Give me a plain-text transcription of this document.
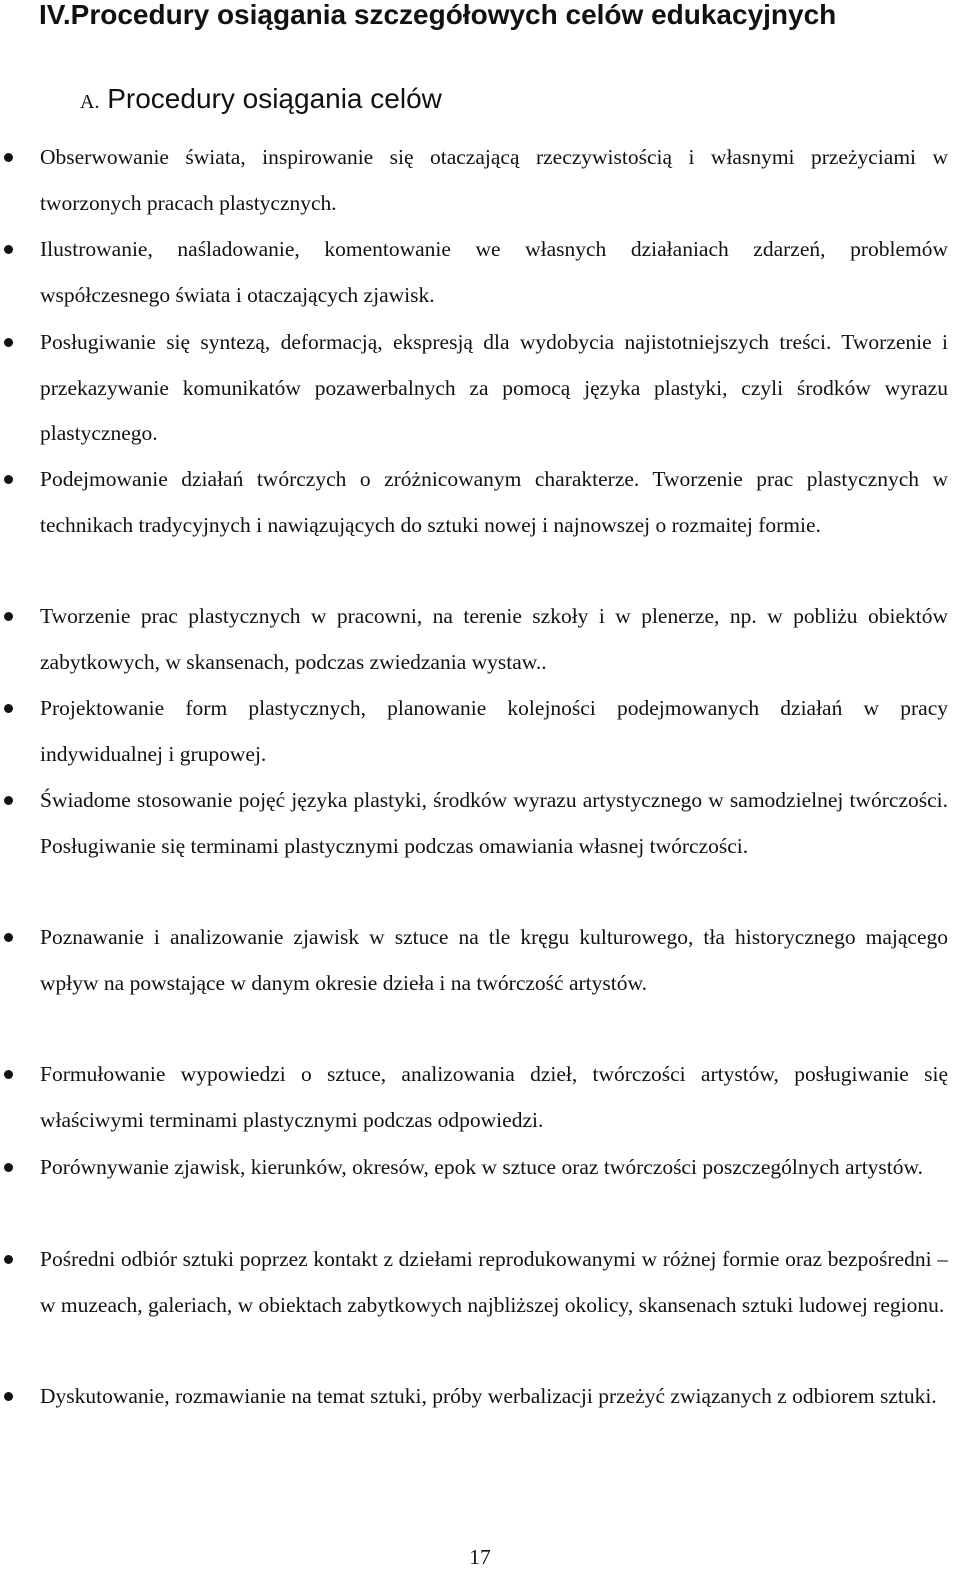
IV.Procedury osiągania szczegółowych celów edukacyjnych
A. Procedury osiągania celów
Obserwowanie świata, inspirowanie się otaczającą rzeczywistością i własnymi przeżyciami w tworzonych pracach plastycznych.
Ilustrowanie, naśladowanie, komentowanie we własnych działaniach zdarzeń, problemów współczesnego świata i otaczających zjawisk.
Posługiwanie się syntezą, deformacją, ekspresją dla wydobycia najistotniejszych treści. Tworzenie i przekazywanie komunikatów pozawerbalnych za pomocą języka plastyki, czyli środków wyrazu plastycznego.
Podejmowanie działań twórczych o zróżnicowanym charakterze. Tworzenie prac plastycznych w technikach tradycyjnych i nawiązujących do sztuki nowej i najnowszej o rozmaitej formie.
Tworzenie prac plastycznych w pracowni, na terenie szkoły i w plenerze, np. w pobliżu obiektów zabytkowych, w skansenach, podczas zwiedzania wystaw..
Projektowanie form plastycznych, planowanie kolejności podejmowanych działań w pracy indywidualnej i grupowej.
Świadome stosowanie pojęć języka plastyki, środków wyrazu artystycznego w samodzielnej twórczości. Posługiwanie się terminami plastycznymi podczas omawiania własnej twórczości.
Poznawanie i analizowanie zjawisk w sztuce na tle kręgu kulturowego, tła historycznego mającego wpływ na powstające w danym okresie dzieła i na twórczość artystów.
Formułowanie wypowiedzi o sztuce, analizowania dzieł, twórczości artystów, posługiwanie się właściwymi terminami plastycznymi podczas odpowiedzi.
Porównywanie zjawisk, kierunków, okresów, epok w sztuce oraz twórczości poszczególnych artystów.
Pośredni odbiór sztuki poprzez kontakt z dziełami reprodukowanymi w różnej formie oraz bezpośredni – w muzeach, galeriach, w obiektach zabytkowych najbliższej okolicy, skansenach sztuki ludowej regionu.
Dyskutowanie, rozmawianie na temat sztuki, próby werbalizacji przeżyć związanych z odbiorem sztuki.
17
